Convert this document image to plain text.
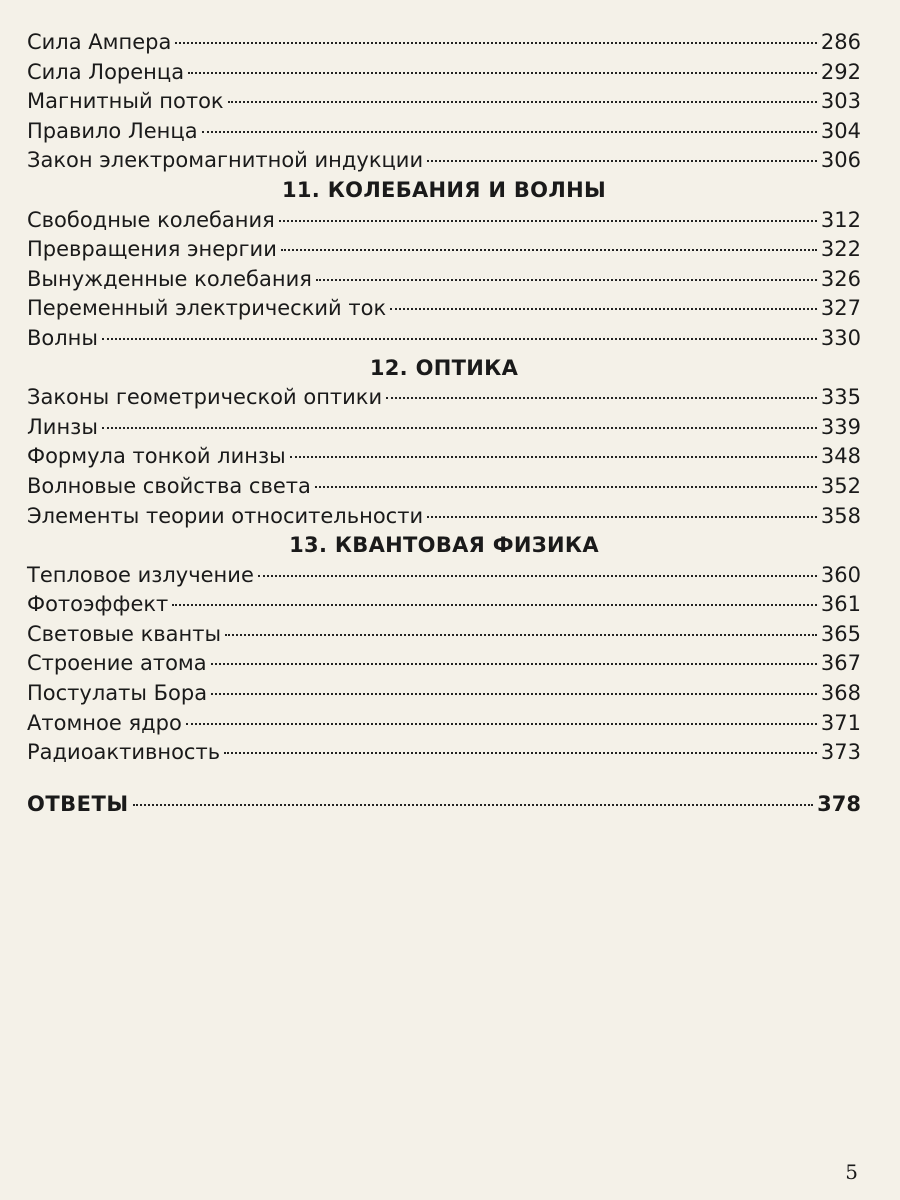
Сила Ампера	286
Сила Лоренца	292
Магнитный поток	303
Правило Ленца	304
Закон электромагнитной индукции	306
11. КОЛЕБАНИЯ И ВОЛНЫ
Свободные колебания	312
Превращения энергии	322
Вынужденные колебания	326
Переменный электрический ток	327
Волны	330
12. ОПТИКА
Законы геометрической оптики	335
Линзы	339
Формула тонкой линзы	348
Волновые свойства света	352
Элементы теории относительности	358
13. КВАНТОВАЯ ФИЗИКА
Тепловое излучение	360
Фотоэффект	361
Световые кванты	365
Строение атома	367
Постулаты Бора	368
Атомное ядро	371
Радиоактивность	373
ОТВЕТЫ	378
5
